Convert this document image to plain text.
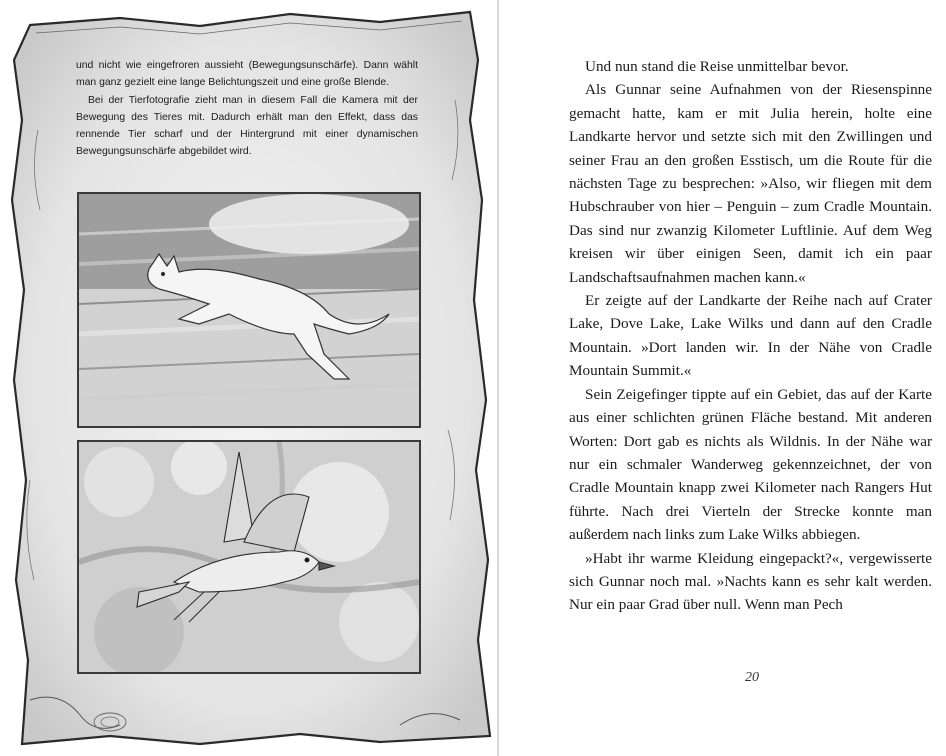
und nicht wie eingefroren aussieht (Bewegungsunschärfe). Dann wählt man ganz gezielt eine lange Belichtungszeit und eine große Blende.

Bei der Tierfotografie zieht man in diesem Fall die Kamera mit der Bewegung des Tieres mit. Dadurch erhält man den Effekt, dass das rennende Tier scharf und der Hintergrund mit einer dynamischen Bewegungsunschärfe abgebildet wird.

Und nun stand die Reise unmittelbar bevor.

Als Gunnar seine Aufnahmen von der Riesenspinne gemacht hatte, kam er mit Julia herein, holte eine Landkarte hervor und setzte sich mit den Zwillingen und seiner Frau an den großen Esstisch, um die Route für die nächsten Tage zu besprechen: »Also, wir fliegen mit dem Hubschrauber von hier – Penguin – zum Cradle Mountain. Das sind nur zwanzig Kilometer Luftlinie. Auf dem Weg kreisen wir über einigen Seen, damit ich ein paar Landschaftsaufnahmen machen kann.«

Er zeigte auf der Landkarte der Reihe nach auf Crater Lake, Dove Lake, Lake Wilks und dann auf den Cradle Mountain. »Dort landen wir. In der Nähe von Cradle Mountain Summit.«

Sein Zeigefinger tippte auf ein Gebiet, das auf der Karte aus einer schlichten grünen Fläche bestand. Mit anderen Worten: Dort gab es nichts als Wildnis. In der Nähe war nur ein schmaler Wanderweg gekennzeichnet, der von Cradle Mountain knapp zwei Kilometer nach Rangers Hut führte. Nach drei Vierteln der Strecke konnte man außerdem nach links zum Lake Wilks abbiegen.

»Habt ihr warme Kleidung eingepackt?«, vergewisserte sich Gunnar noch mal. »Nachts kann es sehr kalt werden. Nur ein paar Grad über null. Wenn man Pech

20
